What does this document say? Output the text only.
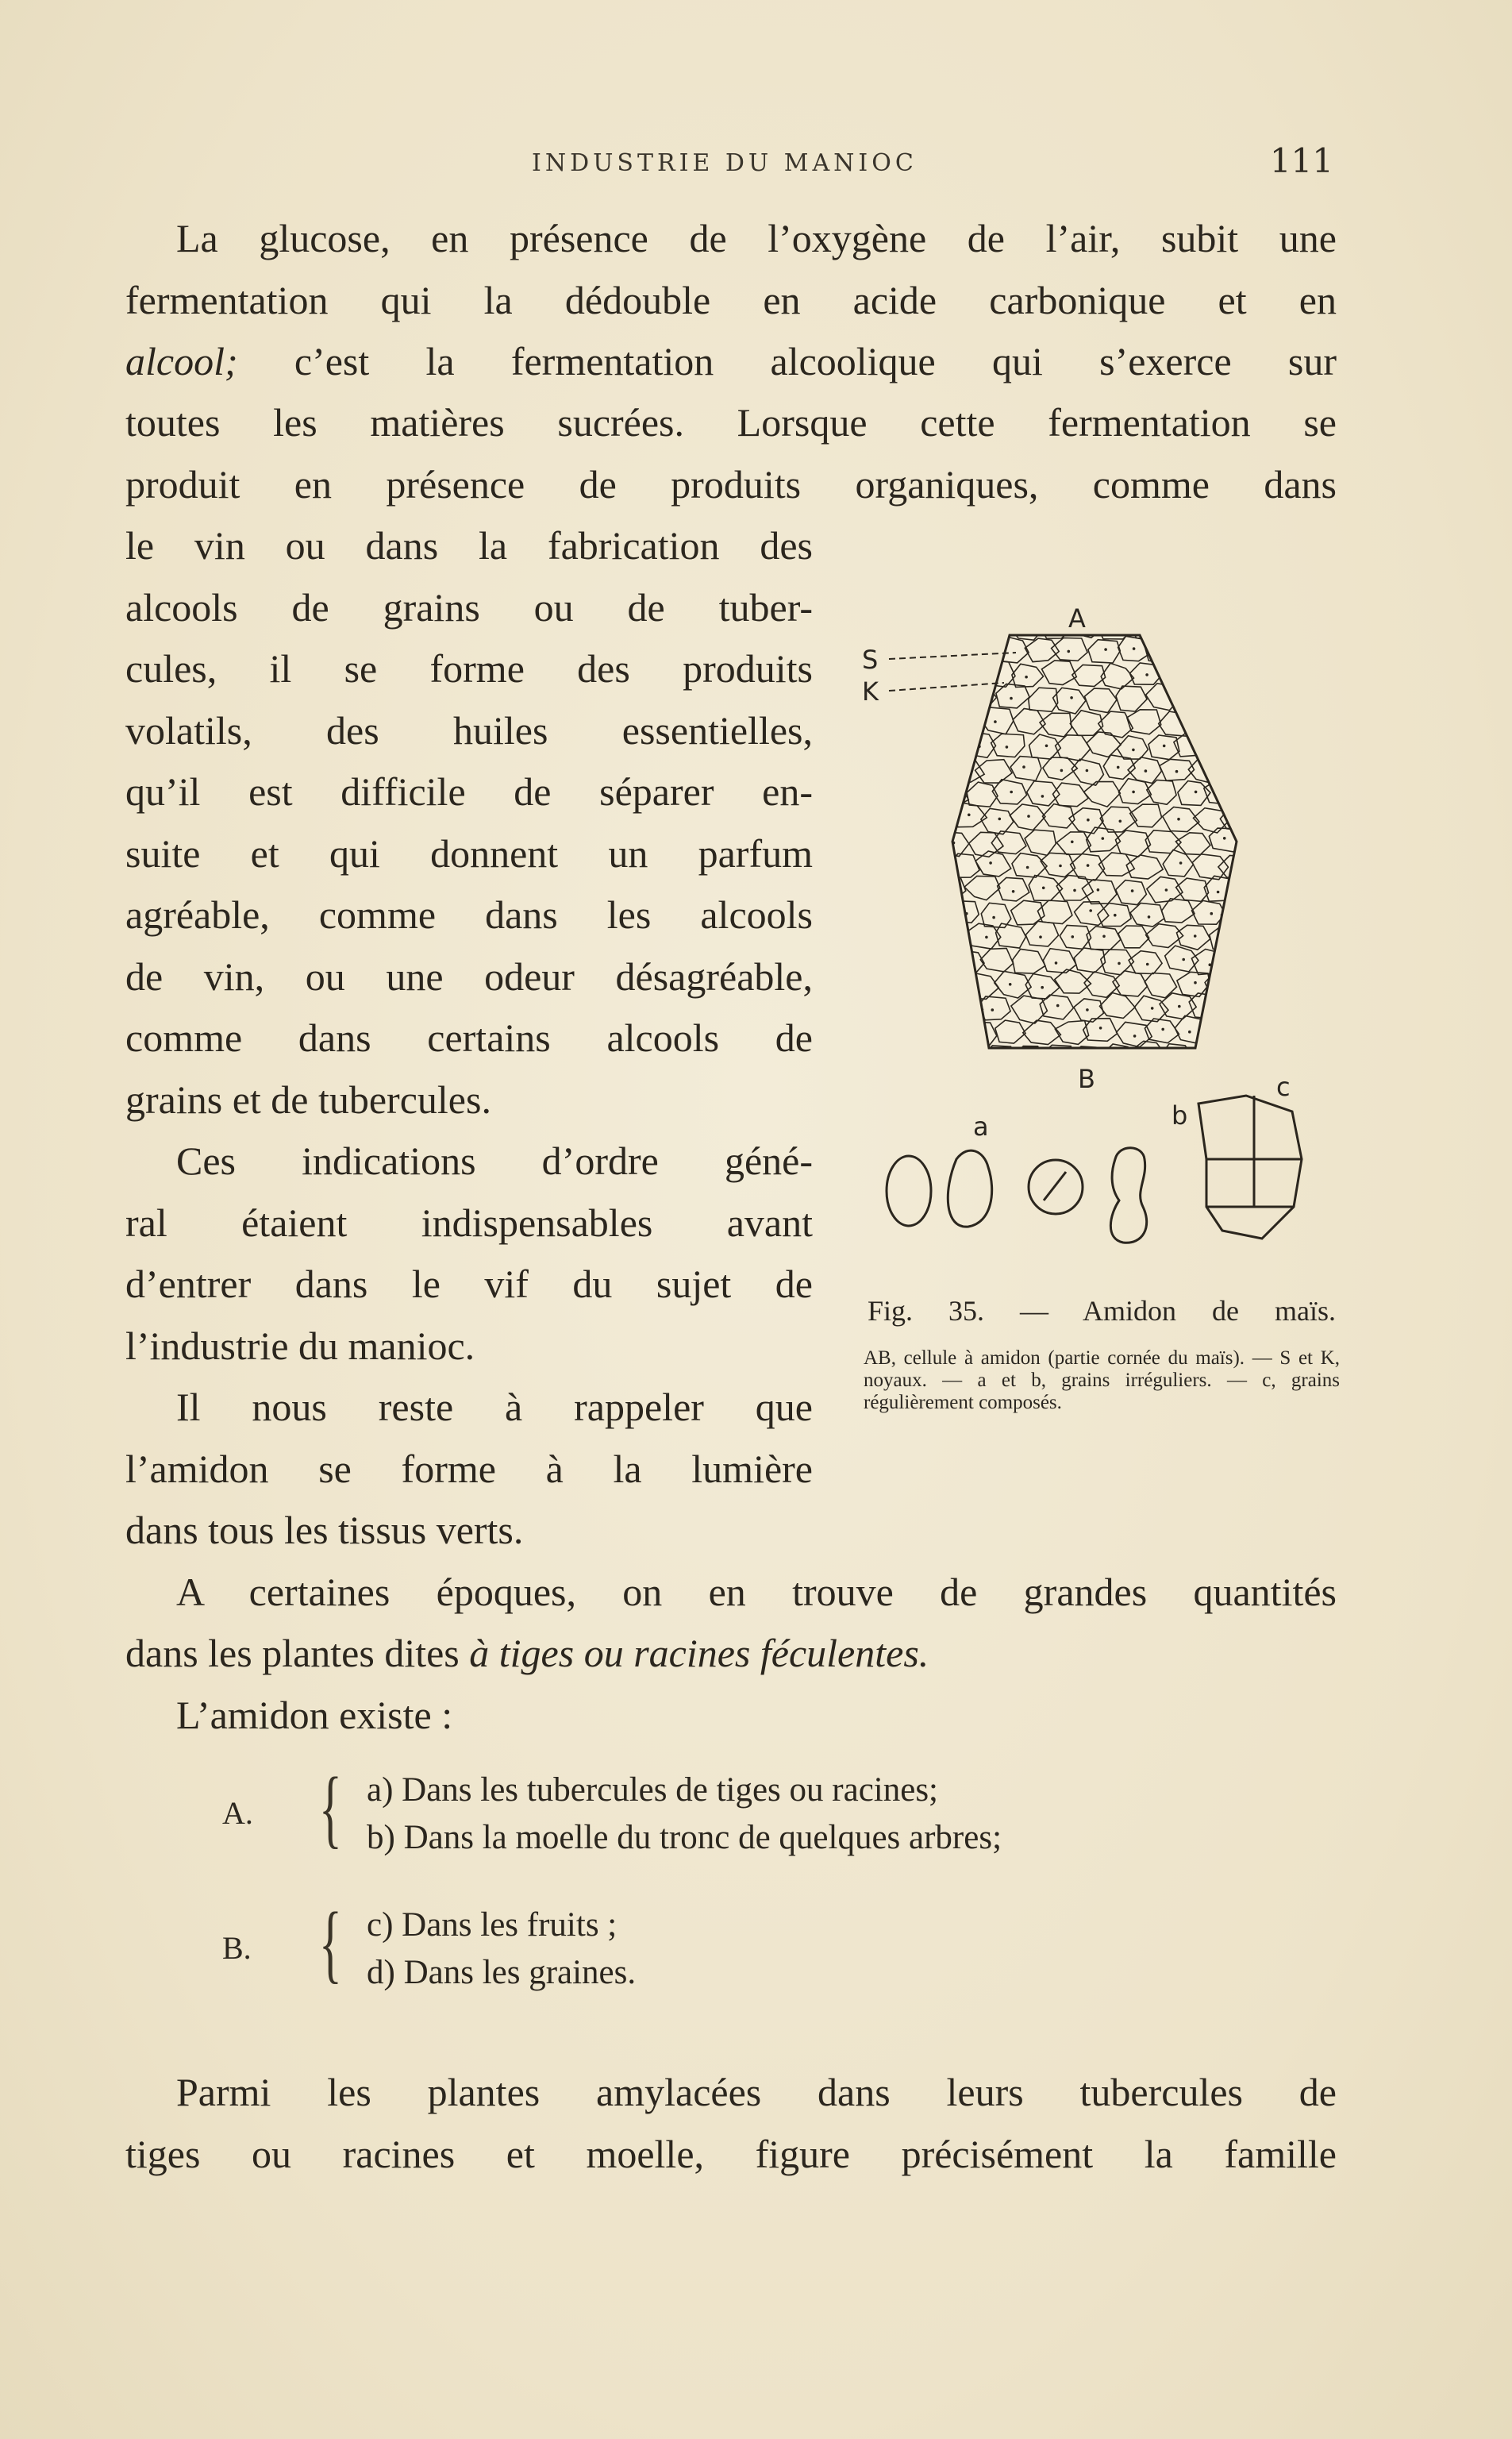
INDUSTRIE DU MANIOC	111
La glucose, en présence de l’oxygène de l’air, subit une
fermentation qui la dédouble en acide carbonique et en
alcool; c’est la fermentation alcoolique qui s’exerce sur
toutes les matières sucrées. Lorsque cette fermentation se
produit en présence de produits organiques, comme dans
le vin ou dans la fabrication des
alcools de grains ou de tuber-
cules, il se forme des produits
volatils, des huiles essentielles,
qu’il est difficile de séparer en-
suite et qui donnent un parfum
agréable, comme dans les alcools
de vin, ou une odeur désagréable,
comme dans certains alcools de
grains et de tubercules.
Ces indications d’ordre géné-
ral étaient indispensables avant
d’entrer dans le vif du sujet de
l’industrie du manioc.
Il nous reste à rappeler que
l’amidon se forme à la lumière
dans tous les tissus verts.
A certaines époques, on en trouve de grandes quantités
dans les plantes dites à tiges ou racines féculentes.
L’amidon existe :
A. { a) Dans les tubercules de tiges ou racines;
b) Dans la moelle du tronc de quelques arbres;
B. { c) Dans les fruits ;
d) Dans les graines.
Parmi les plantes amylacées dans leurs tubercules de
tiges ou racines et moelle, figure précisément la famille
A
S
K
B
a	b
c
Fig. 35. — Amidon de maïs.
AB, cellule à amidon (partie cornée du maïs). — S et K, noyaux. — a et b, grains irréguliers. — c, grains régulièrement composés.
